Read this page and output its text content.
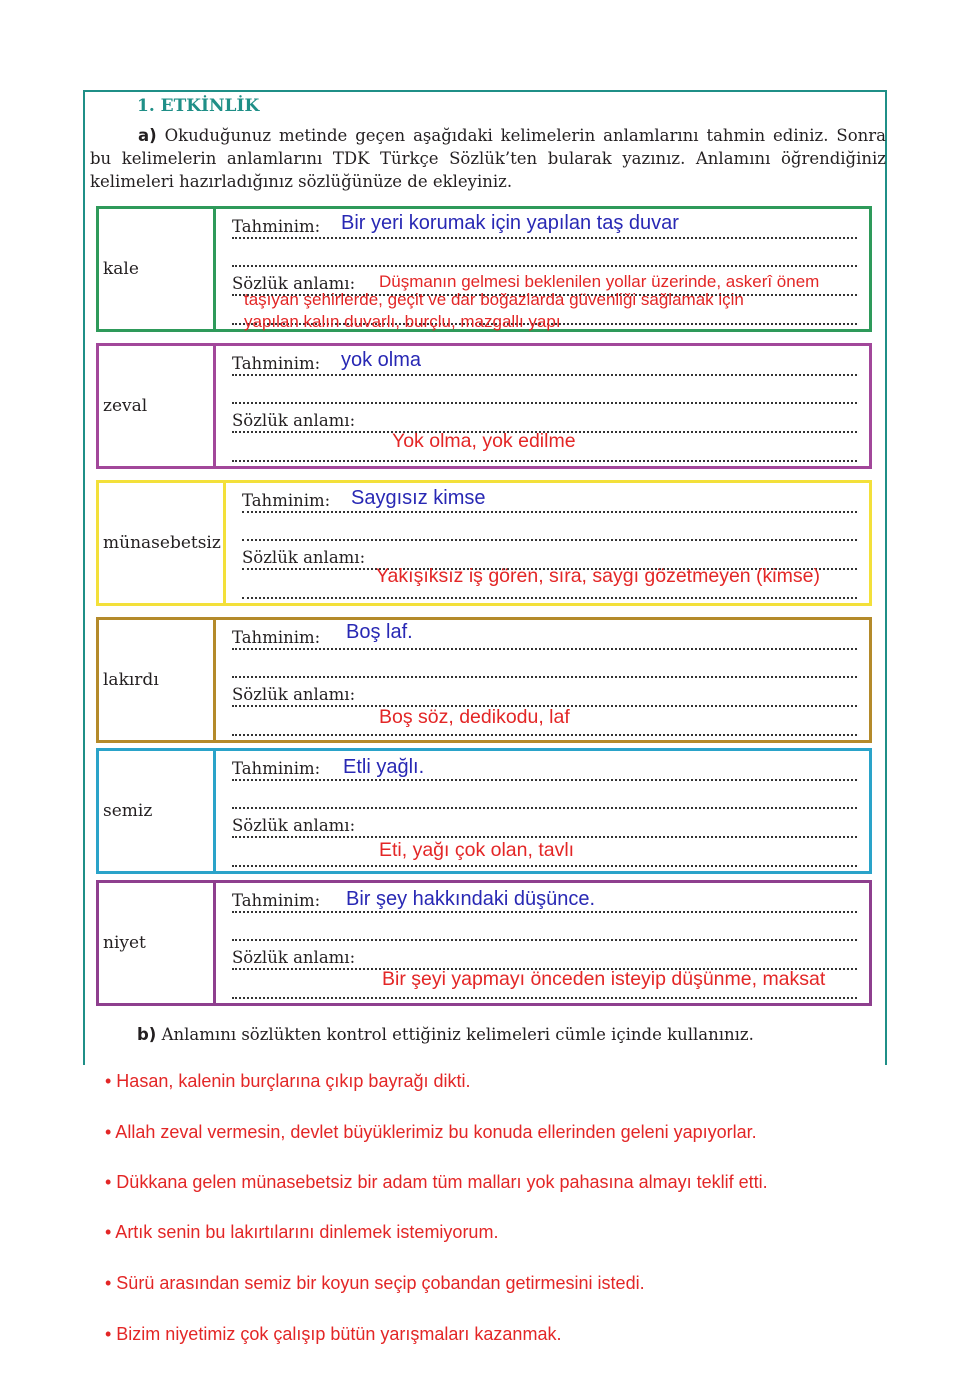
1. ETKİNLİK
a) Okuduğunuz metinde geçen aşağıdaki kelimelerin anlamlarını tahmin ediniz. Sonra bu kelimelerin anlamlarını TDK Türkçe Sözlük’ten bularak yazınız. Anlamını öğrendiğiniz kelimeleri hazırladığınız sözlüğünüze de ekleyiniz.
kale
Tahminim:
Sözlük anlamı:
Bir yeri korumak için yapılan taş duvar
Düşmanın gelmesi beklenilen yollar üzerinde, askerî önem
taşıyan şehirlerde, geçit ve dar boğazlarda güvenliği sağlamak için
yapılan kalın duvarlı, burçlu, mazgallı yapı
zeval
Tahminim:
Sözlük anlamı:
yok olma
Yok olma, yok edilme
münasebetsiz
Tahminim:
Sözlük anlamı:
Saygısız kimse
Yakışıksız iş gören, sıra, saygı gözetmeyen (kimse)
lakırdı
Tahminim:
Sözlük anlamı:
Boş laf.
Boş söz, dedikodu, laf
semiz
Tahminim:
Sözlük anlamı:
Etli yağlı.
Eti, yağı çok olan, tavlı
niyet
Tahminim:
Sözlük anlamı:
Bir şey hakkındaki düşünce.
Bir şeyi yapmayı önceden isteyip düşünme, maksat
b) Anlamını sözlükten kontrol ettiğiniz kelimeleri cümle içinde kullanınız.
• Hasan, kalenin burçlarına çıkıp bayrağı dikti.
• Allah zeval vermesin, devlet büyüklerimiz bu konuda ellerinden geleni yapıyorlar.
• Dükkana gelen münasebetsiz bir adam tüm malları yok pahasına almayı teklif etti.
• Artık senin bu lakırtılarını dinlemek istemiyorum.
• Sürü arasından semiz bir koyun seçip çobandan getirmesini istedi.
• Bizim niyetimiz çok çalışıp bütün yarışmaları kazanmak.
